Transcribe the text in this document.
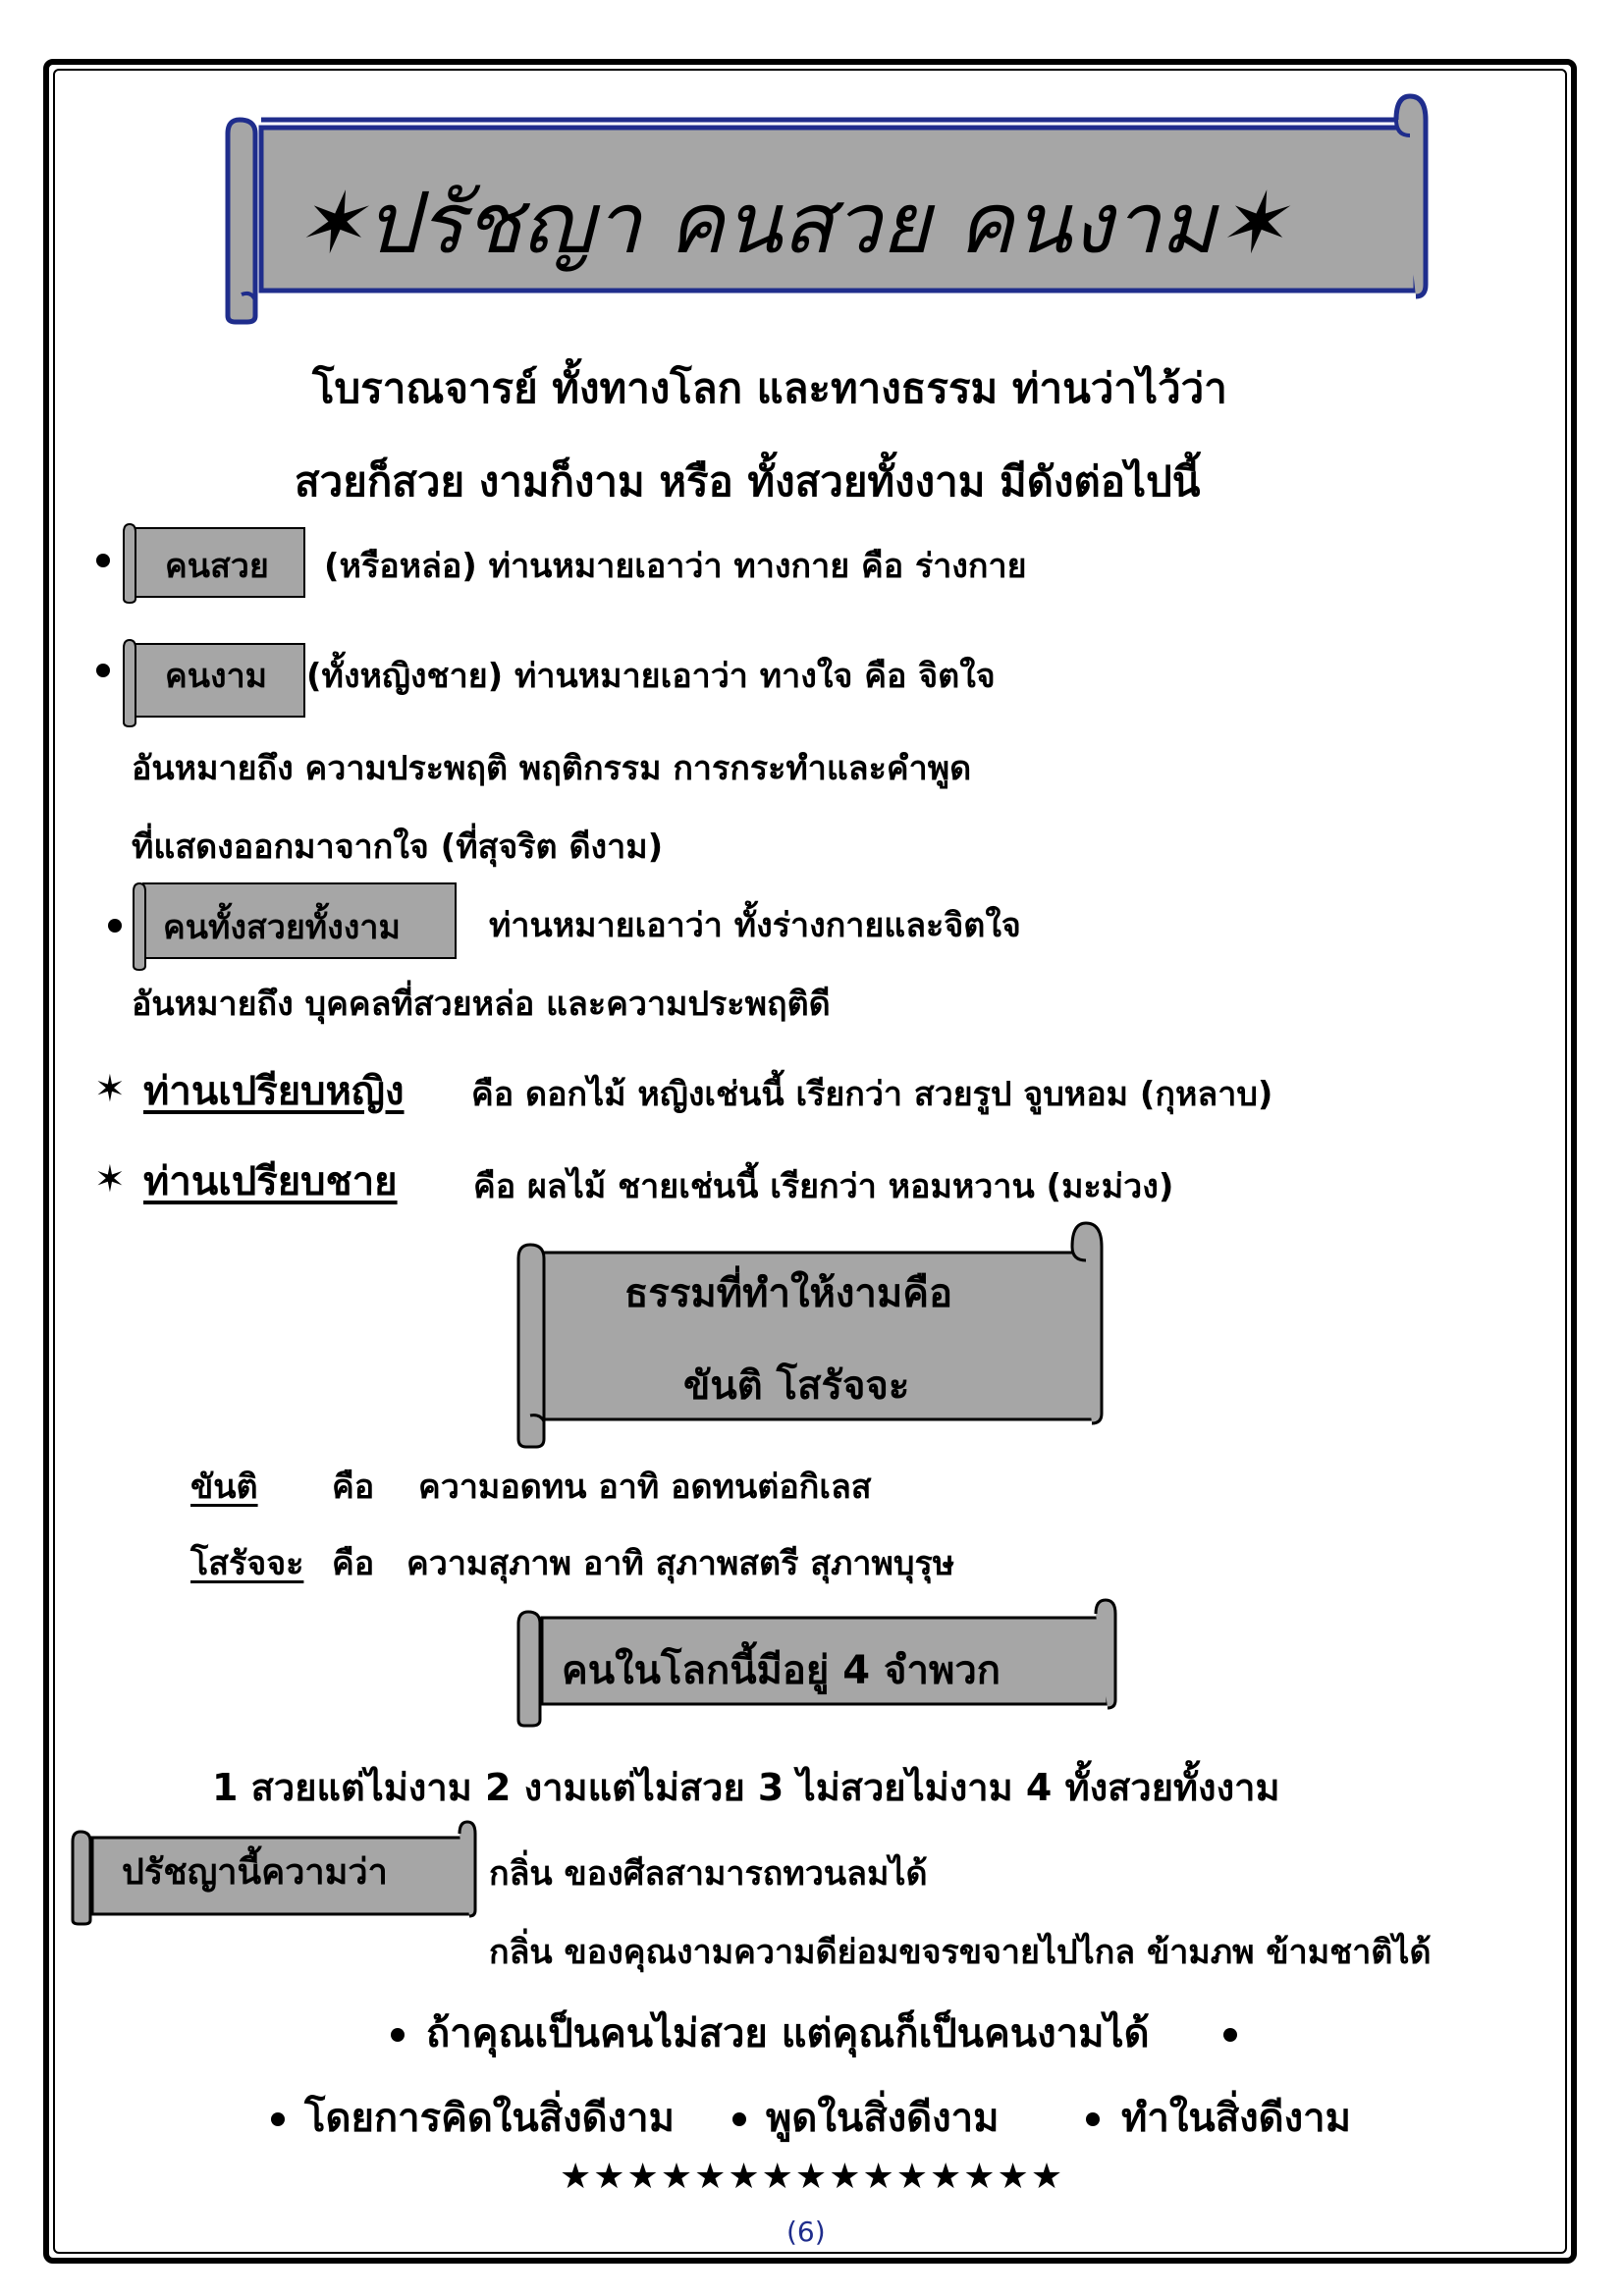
✶ปรัชญา คนสวย คนงาม✶
โบราณจารย์ ทั้งทางโลก และทางธรรม ท่านว่าไว้ว่า
สวยก็สวย งามก็งาม หรือ ทั้งสวยทั้งงาม มีดังต่อไปนี้
คนสวย (หรือหล่อ) ท่านหมายเอาว่า ทางกาย คือ ร่างกาย
คนงาม (ทั้งหญิงชาย) ท่านหมายเอาว่า ทางใจ คือ จิตใจ
อันหมายถึง ความประพฤติ พฤติกรรม การกระทำและคำพูด
ที่แสดงออกมาจากใจ (ที่สุจริต ดีงาม)
คนทั้งสวยทั้งงาม	ท่านหมายเอาว่า ทั้งร่างกายและจิตใจ
อันหมายถึง บุคคลที่สวยหล่อ และความประพฤติดี
✶ ท่านเปรียบหญิง คือ ดอกไม้ หญิงเช่นนี้ เรียกว่า สวยรูป จูบหอม (กุหลาบ)
✶ ท่านเปรียบชาย คือ ผลไม้ ชายเช่นนี้ เรียกว่า หอมหวาน (มะม่วง)
ธรรมที่ทำให้งามคือ
ขันติ โสรัจจะ
ขันติ คือ ความอดทน อาทิ อดทนต่อกิเลส
โสรัจจะ คือ ความสุภาพ อาทิ สุภาพสตรี สุภาพบุรุษ
คนในโลกนี้มีอยู่ 4 จำพวก
1 สวยแต่ไม่งาม 2 งามแต่ไม่สวย 3 ไม่สวยไม่งาม 4 ทั้งสวยทั้งงาม
ปรัชญานี้ความว่า	กลิ่น ของศีลสามารถทวนลมได้
กลิ่น ของคุณงามความดีย่อมขจรขจายไปไกล ข้ามภพ ข้ามชาติได้
ถ้าคุณเป็นคนไม่สวย แต่คุณก็เป็นคนงามได้
โดยการคิดในสิ่งดีงาม พูดในสิ่งดีงาม	ทำในสิ่งดีงาม
★★★★★★★★★★★★★★★
(6)
